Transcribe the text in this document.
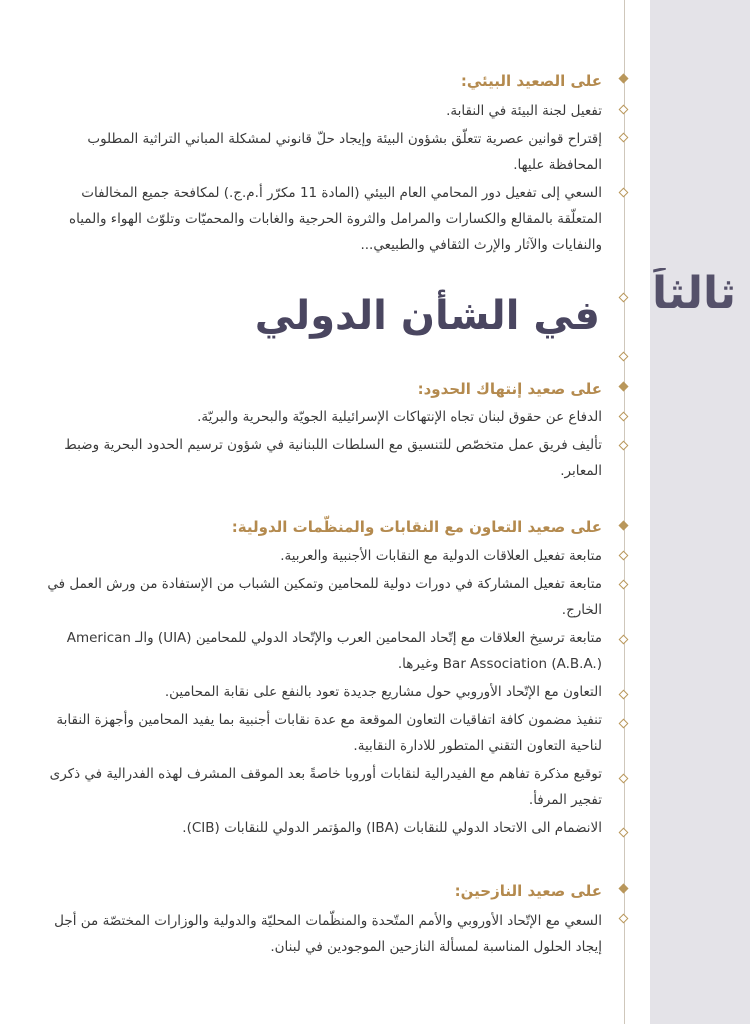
ثالثاً
على الصعيد البيئي:
تفعيل لجنة البيئة في النقابة.
إقتراح قوانين عصرية تتعلّق بشؤون البيئة وإيجاد حلّ قانوني لمشكلة المباني التراثية المطلوب المحافظة عليها.
السعي إلى تفعيل دور المحامي العام البيئي (المادة 11 مكرّر أ.م.ج.) لمكافحة جميع المخالفات المتعلّقة بالمقالع والكسارات والمرامل والثروة الحرجية والغابات والمحميّات وتلوّث الهواء والمياه والنفايات والآثار والإرث الثقافي والطبيعي...
في الشأن الدولي
على صعيد إنتهاك الحدود:
الدفاع عن حقوق لبنان تجاه الإنتهاكات الإسرائيلية الجويّة والبحرية والبريّة.
تأليف فريق عمل متخصّص للتنسيق مع السلطات اللبنانية في شؤون ترسيم الحدود البحرية وضبط المعابر.
على صعيد التعاون مع النقابات والمنظّمات الدولية:
متابعة تفعيل العلاقات الدولية مع النقابات الأجنبية والعربية.
متابعة تفعيل المشاركة في دورات دولية للمحامين وتمكين الشباب من الإستفادة من ورش العمل في الخارج.
متابعة ترسيخ العلاقات مع إتّحاد المحامين العرب والإتّحاد الدولي للمحامين (UIA) والـ American Bar Association (A.B.A.) وغيرها.
التعاون مع الإتّحاد الأوروبي حول مشاريع جديدة تعود بالنفع على نقابة المحامين.
تنفيذ مضمون كافة اتفاقيات التعاون الموقعة مع عدة نقابات أجنبية بما يفيد المحامين وأجهزة النقابة لناحية التعاون التقني المتطور للادارة النقابية.
توقيع مذكرة تفاهم مع الفيدرالية لنقابات أوروبا خاصةً بعد الموقف المشرف لهذه الفدرالية في ذكرى تفجير المرفأ.
الانضمام الى الاتحاد الدولي للنقابات (IBA) والمؤتمر الدولي للنقابات (CIB).
على صعيد النازحين:
السعي مع الإتّحاد الأوروبي والأمم المتّحدة والمنظّمات المحليّة والدولية والوزارات المختصّة من أجل إيجاد الحلول المناسبة لمسألة النازحين الموجودين في لبنان.
